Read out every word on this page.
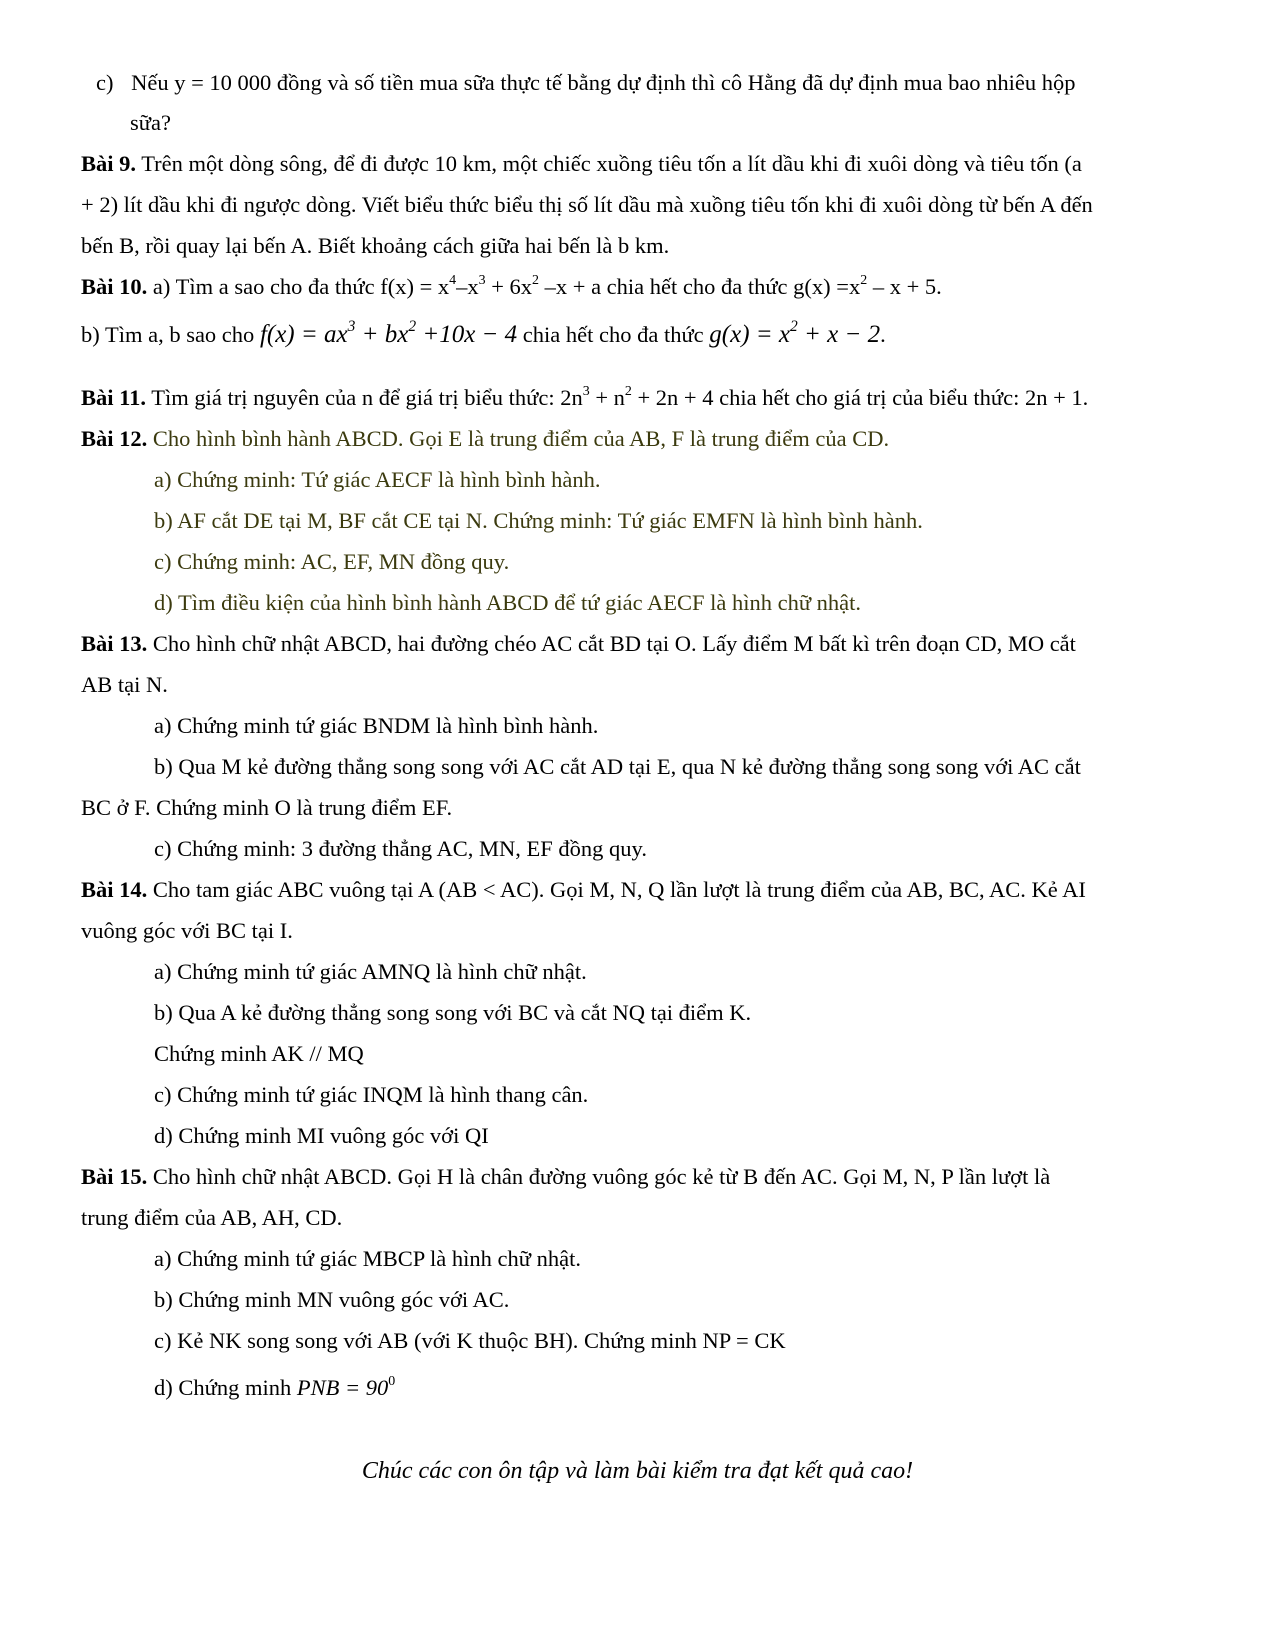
c) Nếu y = 10 000 đồng và số tiền mua sữa thực tế bằng dự định thì cô Hằng đã dự định mua bao nhiêu hộp
sữa?
Bài 9. Trên một dòng sông, để đi được 10 km, một chiếc xuồng tiêu tốn a lít dầu khi đi xuôi dòng và tiêu tốn (a
+ 2) lít dầu khi đi ngược dòng. Viết biểu thức biểu thị số lít dầu mà xuồng tiêu tốn khi đi xuôi dòng từ bến A đến
bến B, rồi quay lại bến A. Biết khoảng cách giữa hai bến là b km.
Bài 10. a) Tìm a sao cho đa thức $f(x) = x^4-x^3 + 6x^2$ –x + a chia hết cho đa thức $g(x) =x^2 - x + 5$.
b) Tìm a, b sao cho $f(x) = ax^3 + bx^2 +10x - 4$ chia hết cho đa thức $g(x) = x^2 + x - 2$.
Bài 11. Tìm giá trị nguyên của n để giá trị biểu thức: $2n^3 + n^2 + 2n + 4$ chia hết cho giá trị của biểu thức: 2n + 1.
Bài 12. Cho hình bình hành ABCD. Gọi E là trung điểm của AB, F là trung điểm của CD.
a) Chứng minh: Tứ giác AECF là hình bình hành.
b) AF cắt DE tại M, BF cắt CE tại N. Chứng minh: Tứ giác EMFN là hình bình hành.
c) Chứng minh: AC, EF, MN đồng quy.
d) Tìm điều kiện của hình bình hành ABCD để tứ giác AECF là hình chữ nhật.
Bài 13. Cho hình chữ nhật ABCD, hai đường chéo AC cắt BD tại O. Lấy điểm M bất kì trên đoạn CD, MO cắt
AB tại N.
a) Chứng minh tứ giác BNDM là hình bình hành.
b) Qua M kẻ đường thẳng song song với AC cắt AD tại E, qua N kẻ đường thẳng song song với AC cắt
BC ở F. Chứng minh O là trung điểm EF.
c) Chứng minh: 3 đường thẳng AC, MN, EF đồng quy.
Bài 14. Cho tam giác ABC vuông tại A (AB < AC). Gọi M, N, Q lần lượt là trung điểm của AB, BC, AC. Kẻ AI
vuông góc với BC tại I.
a) Chứng minh tứ giác AMNQ là hình chữ nhật.
b) Qua A kẻ đường thẳng song song với BC và cắt NQ tại điểm K.
Chứng minh AK // MQ
c) Chứng minh tứ giác INQM là hình thang cân.
d) Chứng minh MI vuông góc với QI
Bài 15. Cho hình chữ nhật ABCD. Gọi H là chân đường vuông góc kẻ từ B đến AC. Gọi M, N, P lần lượt là
trung điểm của AB, AH, CD.
a) Chứng minh tứ giác MBCP là hình chữ nhật.
b) Chứng minh MN vuông góc với AC.
c) Kẻ NK song song với AB (với K thuộc BH). Chứng minh NP = CK
d) Chứng minh PNB = $90^0$
Chúc các con ôn tập và làm bài kiểm tra đạt kết quả cao!
